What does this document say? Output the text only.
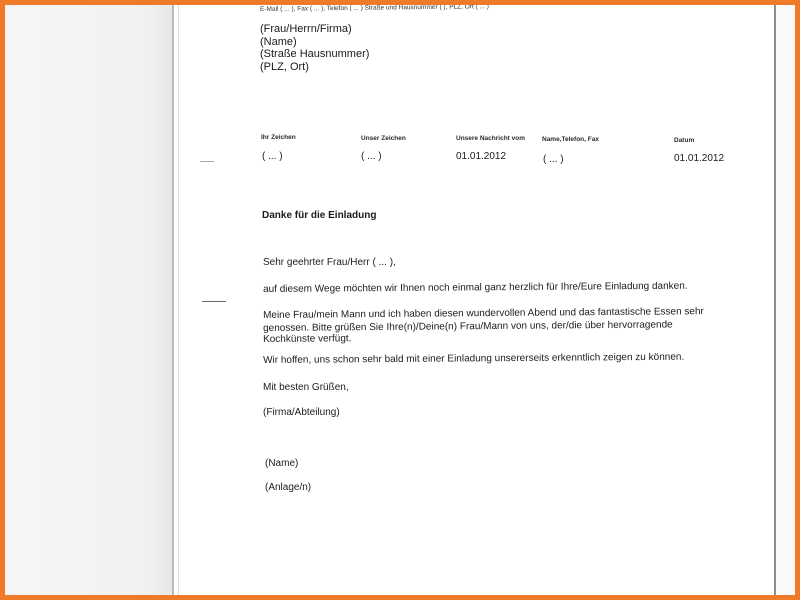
E-Mail ( ... ), Fax ( ... ), Telefon ( ... ) Straße und Hausnummer ( ), PLZ, Ort ( ... )
(Frau/Herrn/Firma)
(Name)
(Straße Hausnummer)
(PLZ, Ort)
Ihr Zeichen
( ... )
Unser Zeichen
( ... )
Unsere Nachricht vom
01.01.2012
Name,Telefon, Fax
( ... )
Datum
01.01.2012
Danke für die Einladung
Sehr geehrter Frau/Herr ( ... ),
auf diesem Wege möchten wir Ihnen noch einmal ganz herzlich für Ihre/Eure Einladung danken.
Meine Frau/mein Mann und ich haben diesen wundervollen Abend und das fantastische Essen sehr
genossen. Bitte grüßen Sie Ihre(n)/Deine(n) Frau/Mann von uns, der/die über hervorragende
Kochkünste verfügt.
Wir hoffen, uns schon sehr bald mit einer Einladung unsererseits erkenntlich zeigen zu können.
Mit besten Grüßen,
(Firma/Abteilung)
(Name)
(Anlage/n)
